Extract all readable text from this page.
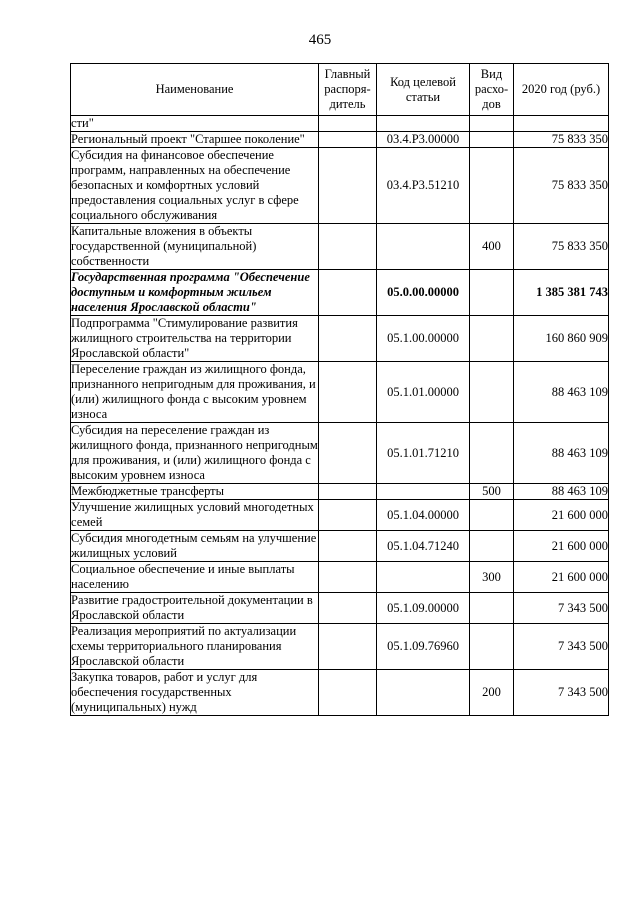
465
Наименование	Главный распоря-дитель	Код целевой статьи	Вид расхо-дов	2020 год (руб.)
сти"				
Региональный проект "Старшее поколение"		03.4.P3.00000		75 833 350
Субсидия на финансовое обеспечение программ, направленных на обеспечение безопасных и комфортных условий предоставления социальных услуг в сфере социального обслуживания		03.4.P3.51210		75 833 350
Капитальные вложения в объекты государственной (муниципальной) собственности			400	75 833 350
Государственная программа "Обеспечение доступным и комфортным жильем населения Ярославской области"		05.0.00.00000		1 385 381 743
Подпрограмма "Стимулирование развития жилищного строительства на территории Ярославской области"		05.1.00.00000		160 860 909
Переселение граждан из жилищного фонда, признанного непригодным для проживания, и (или) жилищного фонда с высоким уровнем износа		05.1.01.00000		88 463 109
Субсидия на переселение граждан из жилищного фонда, признанного непригодным для проживания, и (или) жилищного фонда с высоким уровнем износа		05.1.01.71210		88 463 109
Межбюджетные трансферты			500	88 463 109
Улучшение жилищных условий многодетных семей		05.1.04.00000		21 600 000
Субсидия многодетным семьям на улучшение жилищных условий		05.1.04.71240		21 600 000
Социальное обеспечение и иные выплаты населению			300	21 600 000
Развитие градостроительной документации в Ярославской области		05.1.09.00000		7 343 500
Реализация мероприятий по актуализации схемы территориального планирования Ярославской области		05.1.09.76960		7 343 500
Закупка товаров, работ и услуг для обеспечения государственных (муниципальных) нужд			200	7 343 500
